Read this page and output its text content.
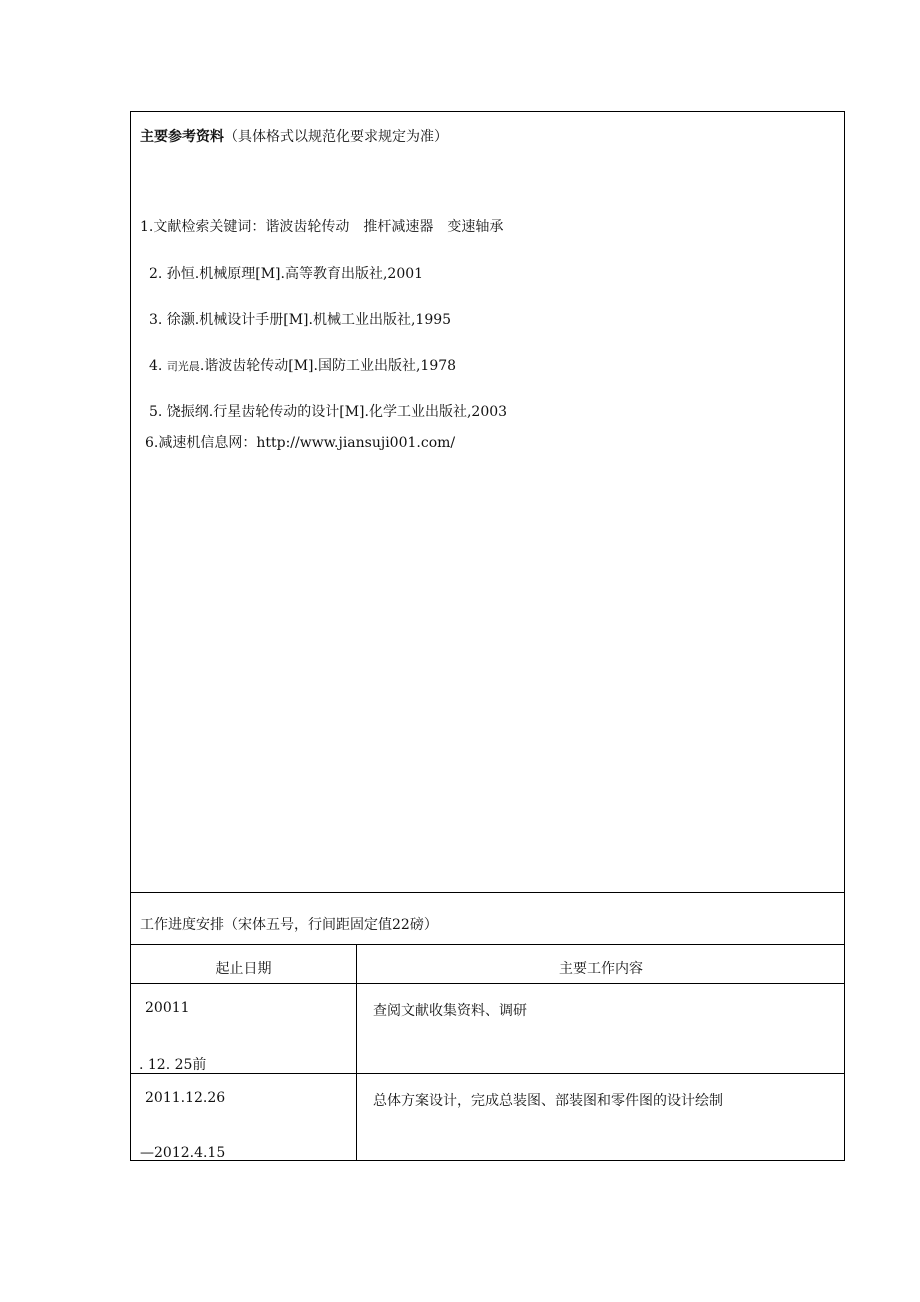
主要参考资料（具体格式以规范化要求规定为准）
1.文献检索关键词：谐波齿轮传动　推杆减速器　变速轴承
2. 孙恒.机械原理[M].高等教育出版社,2001
3. 徐灏.机械设计手册[M].机械工业出版社,1995
4. 司光晨.谐波齿轮传动[M].国防工业出版社,1978
5. 饶振纲.行星齿轮传动的设计[M].化学工业出版社,2003
6.减速机信息网：http://www.jiansuji001.com/
工作进度安排（宋体五号，行间距固定值22磅）
起止日期	主要工作内容
20011
. 12. 25前
查阅文献收集资料、调研
2011.12.26
—2012.4.15
总体方案设计，完成总装图、部装图和零件图的设计绘制
